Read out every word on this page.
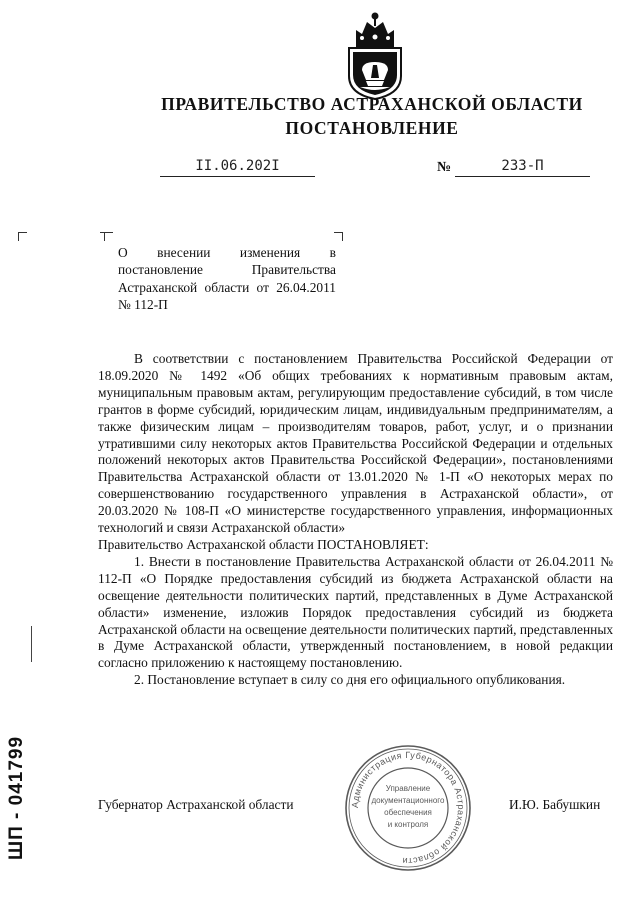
ПРАВИТЕЛЬСТВО АСТРАХАНСКОЙ ОБЛАСТИ
ПОСТАНОВЛЕНИЕ
II.06.202I	№	233-П
О внесении изменения в постановление Правительства Астраханской области от 26.04.2011 № 112-П

В соответствии с постановлением Правительства Российской Федерации от 18.09.2020 № 1492 «Об общих требованиях к нормативным правовым актам, муниципальным правовым актам, регулирующим предоставление субсидий, в том числе грантов в форме субсидий, юридическим лицам, индивидуальным предпринимателям, а также физическим лицам – производителям товаров, работ, услуг, и о признании утратившими силу некоторых актов Правительства Российской Федерации и отдельных положений некоторых актов Правительства Российской Федерации», постановлениями Правительства Астраханской области от 13.01.2020 № 1-П «О некоторых мерах по совершенствованию государственного управления в Астраханской области», от 20.03.2020 № 108-П «О министерстве государственного управления, информационных технологий и связи Астраханской области»

Правительство Астраханской области ПОСТАНОВЛЯЕТ:

1. Внести в постановление Правительства Астраханской области от 26.04.2011 № 112-П «О Порядке предоставления субсидий из бюджета Астраханской области на освещение деятельности политических партий, представленных в Думе Астраханской области» изменение, изложив Порядок предоставления субсидий из бюджета Астраханской области на освещение деятельности политических партий, представленных в Думе Астраханской области, утвержденный постановлением, в новой редакции согласно приложению к настоящему постановлению.

2. Постановление вступает в силу со дня его официального опубликования.

Губернатор Астраханской области	И.Ю. Бабушкин
Администрация Губернатора Астраханской области
Управление
документационного
обеспечения
и контроля
ШП - 041799
